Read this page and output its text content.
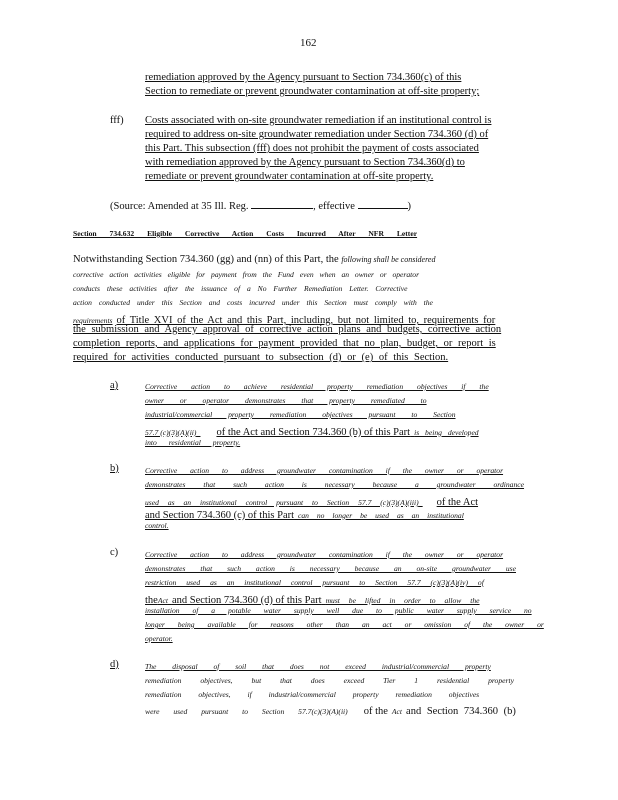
162
remediation approved by the Agency pursuant to Section 734.360(c) of this
Section to remediate or prevent groundwater contamination at off-site property;
fff) Costs associated with on-site groundwater remediation if an institutional control is
required to address on-site groundwater remediation under Section 734.360 (d) of
this Part. This subsection (fff) does not prohibit the payment of costs associated
with remediation approved by the Agency pursuant to Section 734.360(d) to
remediate or prevent groundwater contamination at off-site property.
(Source: Amended at 35 Ill. Reg.	, effective	)
Section 734.632 Eligible Corrective Action Costs Incurred After NFR Letter
Notwithstanding Section 734.360 (gg) and (nn) of this Part, the following shall be considered
corrective action activities eligible for payment from the Fund even when an owner or operator
conducts these activities after the issuance of a No Further Remediation Letter. Corrective
action conducted under this Section and costs incurred under this Section must comply with the
requirements of Title XVI of the Act and this Part, including, but not limited to, requirements for
the submission and Agency approval of corrective action plans and budgets, corrective action
completion reports, and applications for payment provided that no plan, budget, or report is
required for activities conducted pursuant to subsection (d) or (e) of this Section.
a)	Corrective action to achieve residential property remediation objectives if the
owner or operator demonstrates that property remediated to
industrial/commercial property remediation objectives pursuant to Section
57.7 (c)(3)(A)(ii) of the Act and Section 734.360 (b) of this Part is being developed
into residential property.
b)	Corrective action to address groundwater contamination if the owner or operator
demonstrates that such action is necessary because a groundwater ordinance
used as an institutional control pursuant to Section 57.7 (c)(3)(A)(iii) of the Act
and Section 734.360 (c) of this Part can no longer be used as an institutional
control.
c)	Corrective action to address groundwater contamination if the owner or operator
demonstrates that such action is necessary because an on-site groundwater use
restriction used as an institutional control pursuant to Section 57.7 (c)(3)(A)(iv) of
theAct and Section 734.360 (d) of this Part must be lifted in order to allow the
installation of a potable water supply well due to public water supply service no
longer being available for reasons other than an act or omission of the owner or
operator.
d)	The disposal of soil that does not exceed industrial/commercial property
remediation objectives, but that does exceed Tier 1 residential property
remediation objectives, if industrial/commercial property remediation objectives
were used pursuant to Section 57.7(c)(3)(A)(ii) of the Act and Section 734.360 (b)
